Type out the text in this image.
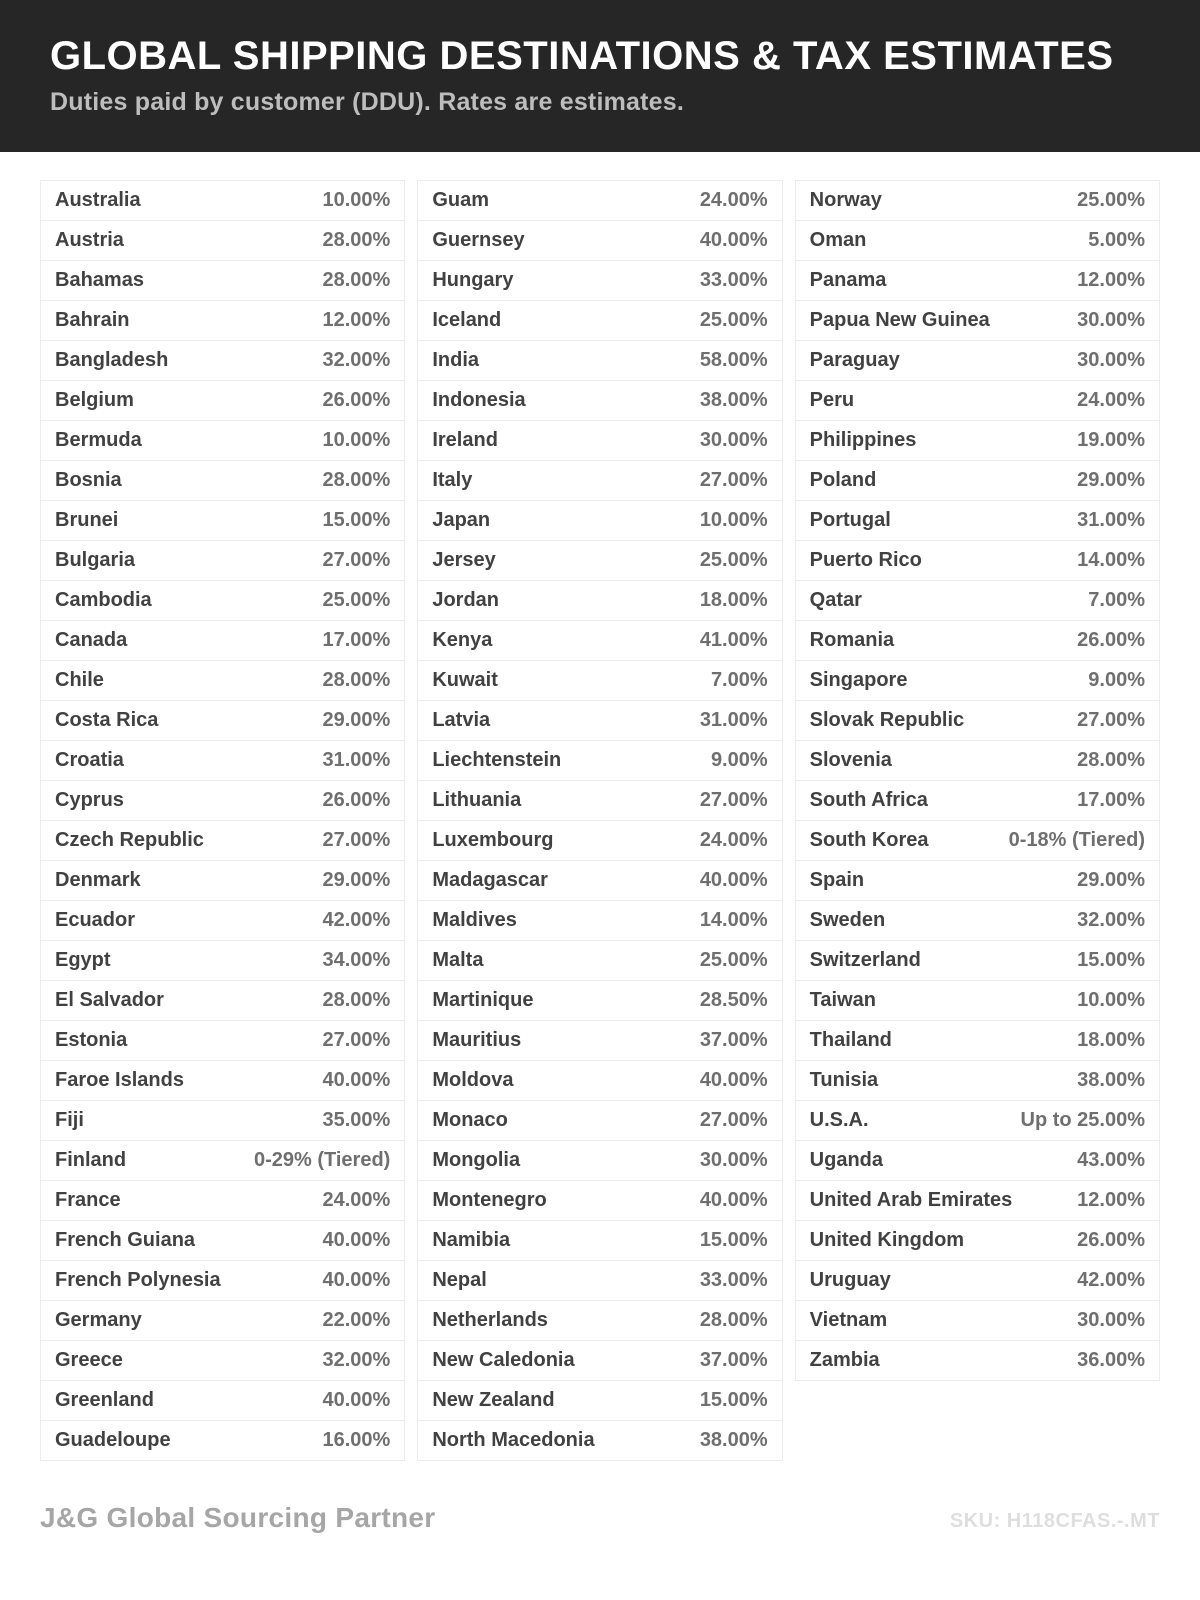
GLOBAL SHIPPING DESTINATIONS & TAX ESTIMATES
Duties paid by customer (DDU). Rates are estimates.
Australia	10.00%
Austria	28.00%
Bahamas	28.00%
Bahrain	12.00%
Bangladesh	32.00%
Belgium	26.00%
Bermuda	10.00%
Bosnia	28.00%
Brunei	15.00%
Bulgaria	27.00%
Cambodia	25.00%
Canada	17.00%
Chile	28.00%
Costa Rica	29.00%
Croatia	31.00%
Cyprus	26.00%
Czech Republic	27.00%
Denmark	29.00%
Ecuador	42.00%
Egypt	34.00%
El Salvador	28.00%
Estonia	27.00%
Faroe Islands	40.00%
Fiji	35.00%
Finland	0-29% (Tiered)
France	24.00%
French Guiana	40.00%
French Polynesia	40.00%
Germany	22.00%
Greece	32.00%
Greenland	40.00%
Guadeloupe	16.00%
Guam	24.00%
Guernsey	40.00%
Hungary	33.00%
Iceland	25.00%
India	58.00%
Indonesia	38.00%
Ireland	30.00%
Italy	27.00%
Japan	10.00%
Jersey	25.00%
Jordan	18.00%
Kenya	41.00%
Kuwait	7.00%
Latvia	31.00%
Liechtenstein	9.00%
Lithuania	27.00%
Luxembourg	24.00%
Madagascar	40.00%
Maldives	14.00%
Malta	25.00%
Martinique	28.50%
Mauritius	37.00%
Moldova	40.00%
Monaco	27.00%
Mongolia	30.00%
Montenegro	40.00%
Namibia	15.00%
Nepal	33.00%
Netherlands	28.00%
New Caledonia	37.00%
New Zealand	15.00%
North Macedonia	38.00%
Norway	25.00%
Oman	5.00%
Panama	12.00%
Papua New Guinea	30.00%
Paraguay	30.00%
Peru	24.00%
Philippines	19.00%
Poland	29.00%
Portugal	31.00%
Puerto Rico	14.00%
Qatar	7.00%
Romania	26.00%
Singapore	9.00%
Slovak Republic	27.00%
Slovenia	28.00%
South Africa	17.00%
South Korea	0-18% (Tiered)
Spain	29.00%
Sweden	32.00%
Switzerland	15.00%
Taiwan	10.00%
Thailand	18.00%
Tunisia	38.00%
U.S.A.	Up to 25.00%
Uganda	43.00%
United Arab Emirates	12.00%
United Kingdom	26.00%
Uruguay	42.00%
Vietnam	30.00%
Zambia	36.00%
J&G Global Sourcing Partner	SKU: H118CFAS.-.MT
